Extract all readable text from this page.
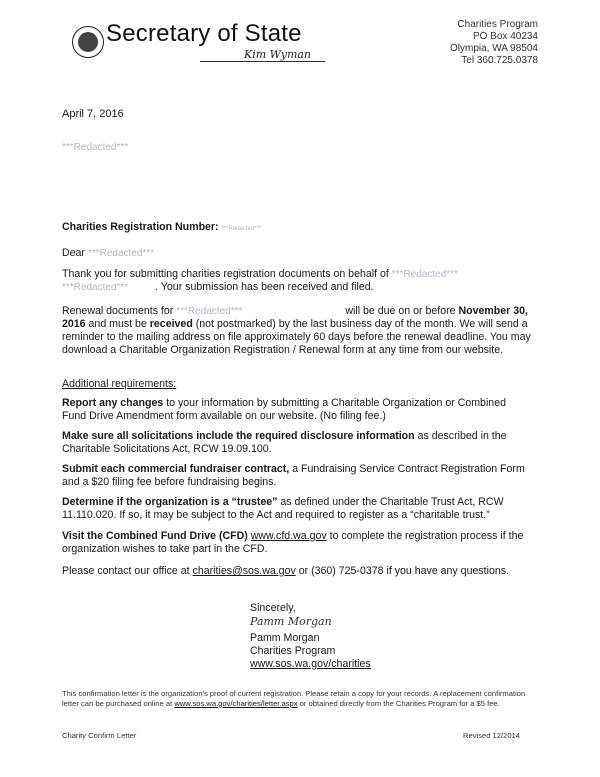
Secretary of State
Kim Wyman
Charities Program
PO Box 40234
Olympia, WA 98504
Tel 360.725.0378
April 7, 2016
***Redacted***
Charities Registration Number: ***Redacted***
Dear ***Redacted***
Thank you for submitting charities registration documents on behalf of ***Redacted***
***Redacted***	. Your submission has been received and filed.
Renewal documents for ***Redacted***	will be due on or before November 30, 2016 and must be received (not postmarked) by the last business day of the month. We will send a reminder to the mailing address on file approximately 60 days before the renewal deadline. You may download a Charitable Organization Registration / Renewal form at any time from our website.
Additional requirements:
Report any changes to your information by submitting a Charitable Organization or Combined Fund Drive Amendment form available on our website. (No filing fee.)
Make sure all solicitations include the required disclosure information as described in the Charitable Solicitations Act, RCW 19.09.100.
Submit each commercial fundraiser contract, a Fundraising Service Contract Registration Form and a $20 filing fee before fundraising begins.
Determine if the organization is a “trustee” as defined under the Charitable Trust Act, RCW 11.110.020. If so, it may be subject to the Act and required to register as a “charitable trust.”
Visit the Combined Fund Drive (CFD) www.cfd.wa.gov to complete the registration process if the organization wishes to take part in the CFD.
Please contact our office at charities@sos.wa.gov or (360) 725-0378 if you have any questions.
Sincerely,
Pamm Morgan
Pamm Morgan
Charities Program
www.sos.wa.gov/charities
This confirmation letter is the organization's proof of current registration. Please retain a copy for your records. A replacement confirmation letter can be purchased online at www.sos.wa.gov/charities/letter.aspx or obtained directly from the Charities Program for a $5 fee.
Charity Confirm Letter	Revised 12/2014
